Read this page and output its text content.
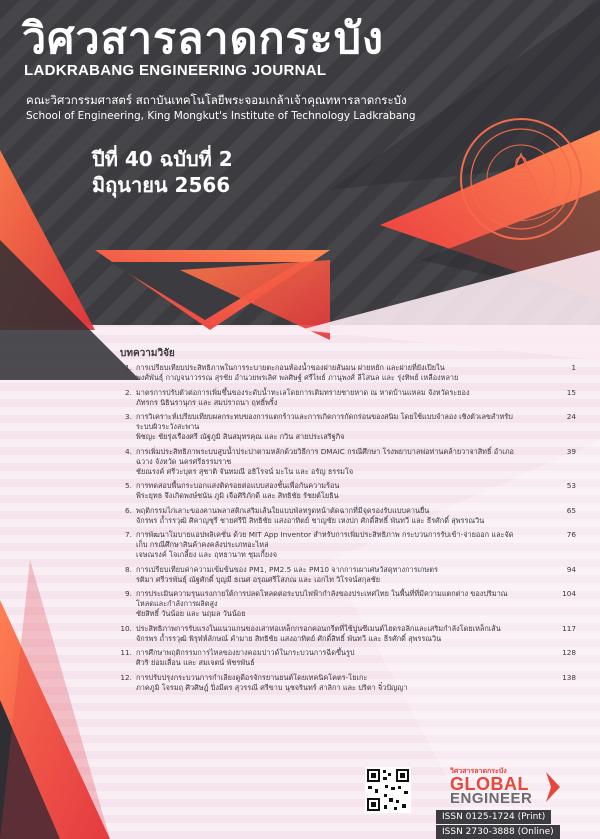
วิศวสารลาดกระบัง
LADKRABANG ENGINEERING JOURNAL
คณะวิศวกรรมศาสตร์ สถาบันเทคโนโลยีพระจอมเกล้าเจ้าคุณทหารลาดกระบัง
School of Engineering, King Mongkut's Institute of Technology Ladkrabang
ปีที่ 40 ฉบับที่ 2
มิถุนายน 2566
บทความวิจัย
1. การเปรียบเทียบประสิทธิภาพในการระบายตะกอนท้องน้ำของฝายสันมน ฝายหยัก และฝายที่ยังเปียใน
พงศ์พันธุ์ กาญจนาวรรณ สุรชัย อำนวยพรเลิศ พลศิษฐ์ ศรีไพธ์ ภานุพงศ์ ลีโสนล และ รุ่งทิพย์ เหลืองหลาย
1
2. มาตรการปรับตัวต่อการเพิ่มขึ้นของระดับน้ำทะเลโดยการเติมทรายชายหาด ณ หาดบ้านแหลม จังหวัดระยอง
ภัทรกร นิธินรานุกร และ สมปราถนา ฤทธิ์พริ้ง
15
3. การวิเคราะห์เปรียบเทียบผลกระทบของการแตกร้าวและการเกิดการกัดกร่อนของสนิม โดยใช้แบบจำลอง เชิงตัวเลขสำหรับระบบผิวระวังสะพาน
พิชญะ ชัยรุ่งเรืองศรี ณัฐภูมิ สินสมุทรคุณ และ กวิน สายประเสริฐกิจ
24
4. การเพิ่มประสิทธิภาพระบบสูบน้ำประปาตามหลักด้วยวิธีการ DMAIC กรณีศึกษา โรงพยาบาลพ่อท่านคล้ายวาจาสิทธิ์ อำเภอ ฉวาง จังหวัด นครศรีธรรมราช
ชัยณรงค์ ศรีวะบุตร สุชาติ จันทมณี อธิโรจน์ มะโน และ อรัญ ธรรมโจ
39
5. การทดสอบพื้นกระบอกแสงติดรอยต่อแบบสองชั้นเพื่อกันความร้อน
พีระยุทธ จึงเกิดพงษ์ชนัน ภูมิ เจือศิริภักดี และ สิทธิชัย รัชยต์โยธิน
53
6. พฤติกรรมไก่เลาะของคานพลาสติกเสริมเส้นใยแบบพัลทรูดหน้าตัดฉากที่มีจุดรองรับแบบคานยื่น
จักรพร ถ้ำรรวุฒิ ศิคาญชุรี ชายศรีปี สิทธิชัย แสงอาทิตย์ ชาญชัย เหงปก ศักดิ์สิทธิ์ พันทวี และ ธีรศักดิ์ สุพรรณวิน
65
7. การพัฒนาโมบายแอปพลิเคชั่น ด้วย MIT App Inventor สำหรับการเพิ่มประสิทธิภาพ กระบวนการรับเข้า-จ่ายออก และจัดเก็บ กรณีศึกษาสินค้าคงคลังประเภทอะไหล่
เจษณรงค์ โจเกลี้ยง และ ฤทธานาท ชุมเกี้ยงจ
76
8. การเปรียบเทียบค่าความเข้มข้นของ PM1, PM2.5 และ PM10 จากการเผาเศษวัสดุทางการเกษตร
รติมา ศรีวรพันธุ์ ณัฐศักดิ์ บุญมี ธเนศ อรุณศรีโสภณ และ เอกไท วิโรจน์สกุลชัย
94
9. การประเมินความรุนแรงภายใต้การปลดโหลดต่อระบบไฟฟ้ากำลังของประเทศไทย ในพื้นที่ที่มีความแตกต่าง ของปริมาณโหลดและกำลังการผลิตสูง
ชัยสิทธิ์ วันน้อย และ นฤมล วันน้อย
104
10. ประสิทธิภาพการรับแรงในแนวแกนของเสาท่อเหล็กกรอกคอนกรีตที่ใช้ปูนซีเมนต์ไฮดรอลิกและเสริมกำลังโดยเหล็กเส้น
จักรพร ถ้ำรรวุฒิ พิรุฬห์ลักษณ์ คำมาย สิทธิชัย แสงอาทิตย์ ศักดิ์สิทธิ์ พันทวี และ ธีรศักดิ์ สุพรรณวิน
117
11. การศึกษาพฤติกรรมการไหลของยางคอมปาวด์ในกระบวนการฉีดขึ้นรูป
ศิวริ ย่อมเลื่อน และ สมเจตน์ พัชรพันธ์
128
12. การปรับปรุงกระบวนการกำเลียงดูดีอรจักรยานยนต์โดยเทคนิคโคตร-โยเกะ
ภาคภูมิ โจรมฤ ศิวศิษฎ์ ปิ่งมีตร สุวรรณี ศรีขาบ นุชจรินทร์ สาลิกา และ ปริตา จิ๋วปัญญา
138
วิศวสารลาดกระบัง
GLOBAL
ENGINEER
ISSN 0125-1724 (Print)
ISSN 2730-3888 (Online)
